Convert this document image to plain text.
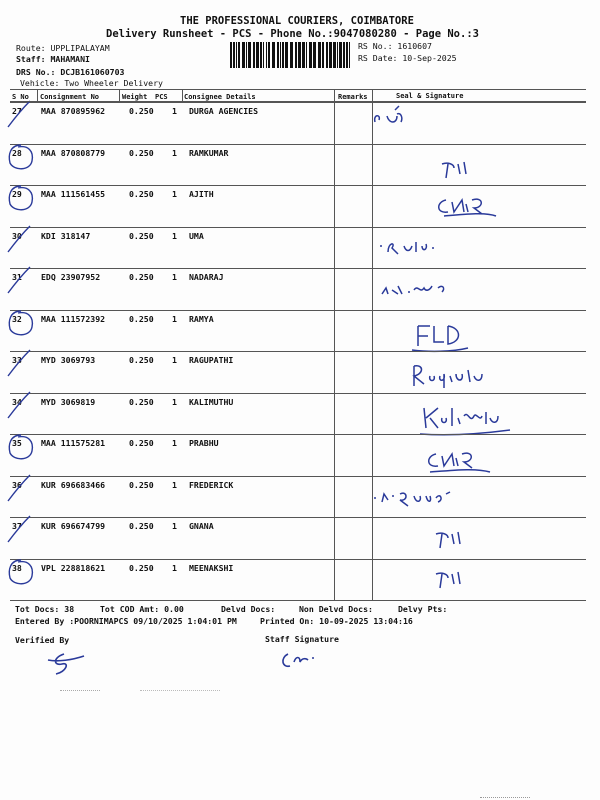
THE PROFESSIONAL COURIERS, COIMBATORE
Delivery Runsheet - PCS - Phone No.:9047080280 - Page No.:3
Route: UPPLIPALAYAM
Staff: MAHAMANI
DRS No.: DCJB161060703
Vehicle: Two Wheeler Delivery
RS No.: 1610607
RS Date: 10-Sep-2025
S No Consignment No	Weight PCS Consignee Details	Remarks	Seal & Signature
27 MAA 870895962	0.250 1 DURGA AGENCIES
28 MAA 870808779	0.250 1 RAMKUMAR
29 MAA 111561455	0.250 1 AJITH
30 KDI 318147	0.250 1 UMA
31 EDQ 23907952	0.250 1 NADARAJ
32 MAA 111572392	0.250 1 RAMYA
33 MYD 3069793	0.250 1 RAGUPATHI
34 MYD 3069819	0.250 1 KALIMUTHU
35 MAA 111575281	0.250 1 PRABHU
36 KUR 696683466	0.250 1 FREDERICK
37 KUR 696674799	0.250 1 GNANA
38 VPL 228818621	0.250 1 MEENAKSHI
Tot Docs: 38	Tot COD Amt: 0.00	Delvd Docs:	Non Delvd Docs:	Delvy Pts:
Entered By :POORNIMAPCS 09/10/2025 1:04:01 PM	Printed On: 10-09-2025 13:04:16
Verified By	Staff Signature
